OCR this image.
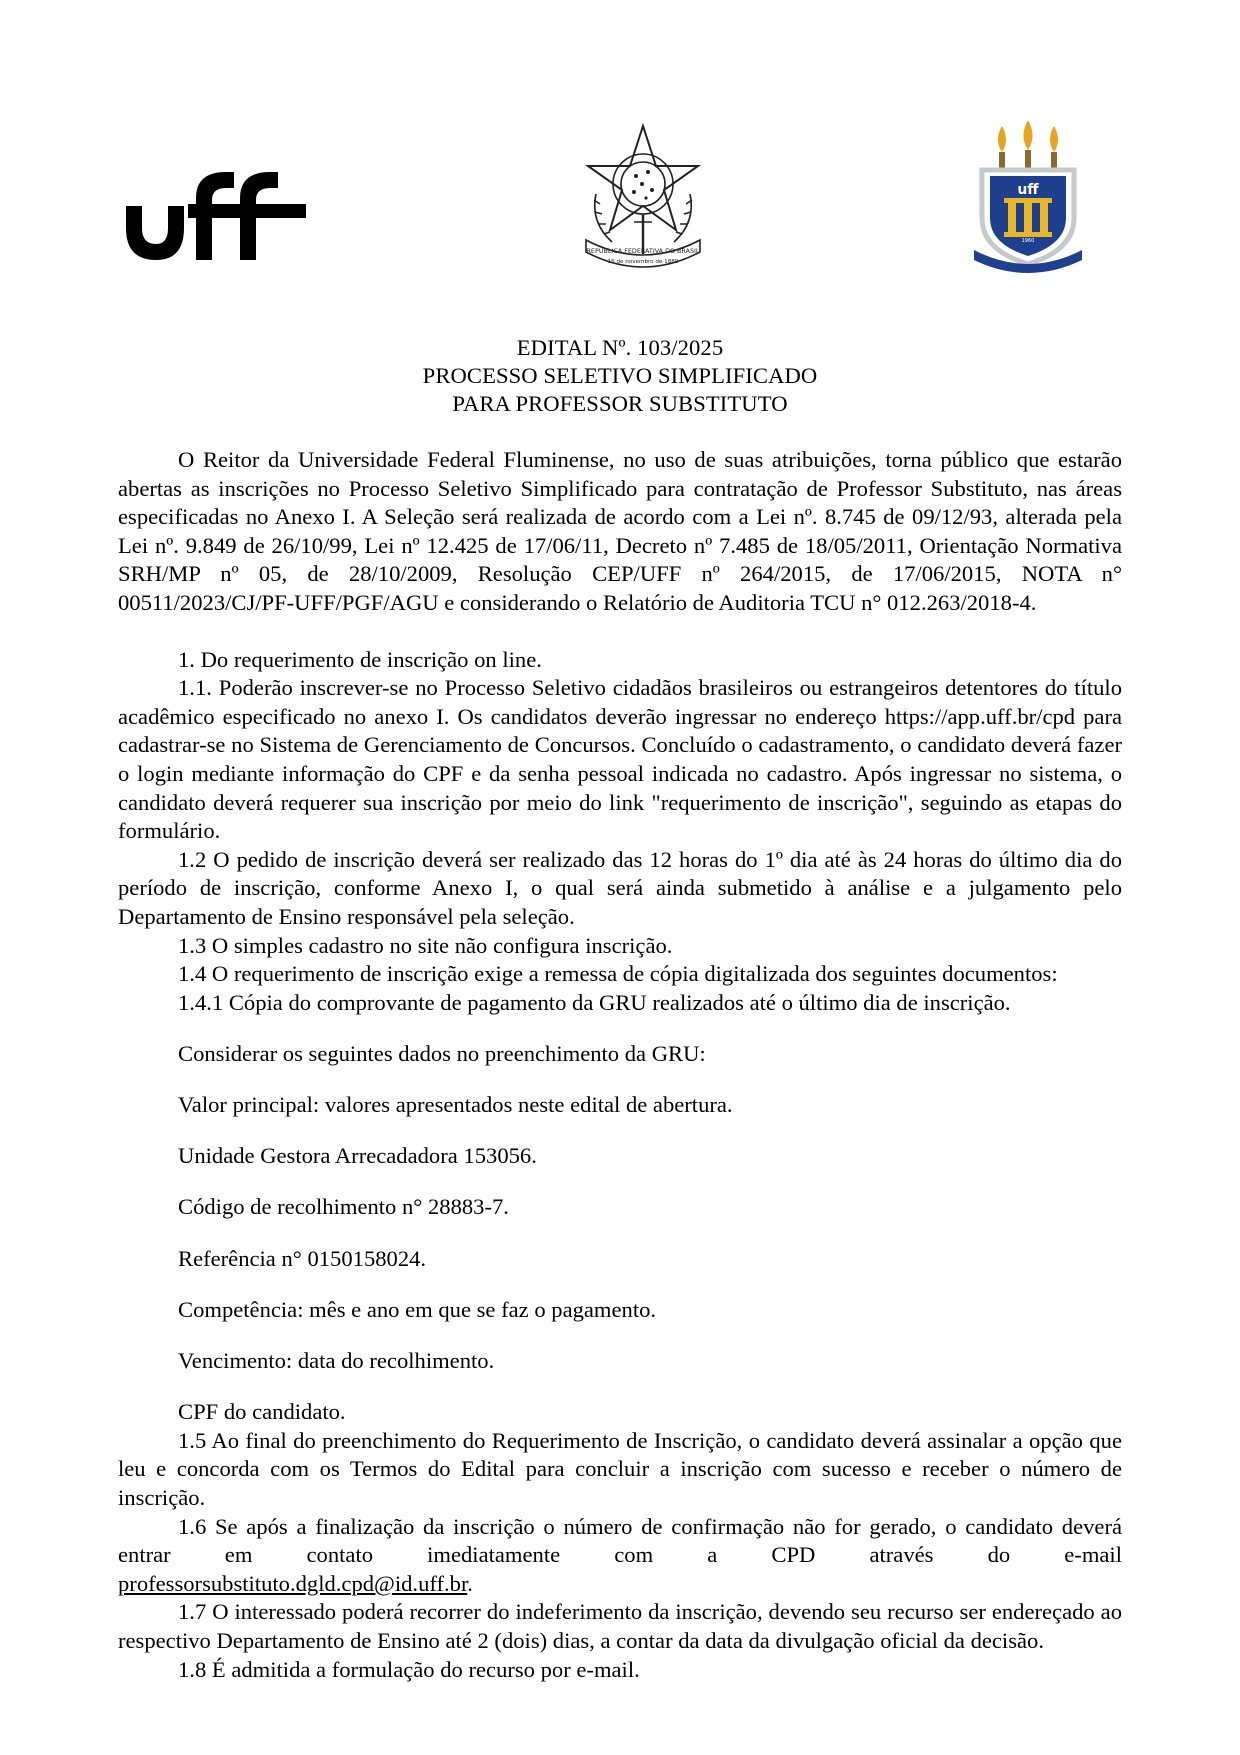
REPÚBLICA FEDERATIVA DO BRASIL
15 de novembro de 1889
uff
1960
EDITAL Nº. 103/2025
PROCESSO SELETIVO SIMPLIFICADO
PARA PROFESSOR SUBSTITUTO

O Reitor da Universidade Federal Fluminense, no uso de suas atribuições, torna público que estarão abertas as inscrições no Processo Seletivo Simplificado para contratação de Professor Substituto, nas áreas especificadas no Anexo I. A Seleção será realizada de acordo com a Lei nº. 8.745 de 09/12/93, alterada pela Lei nº. 9.849 de 26/10/99, Lei nº 12.425 de 17/06/11, Decreto nº 7.485 de 18/05/2011, Orientação Normativa SRH/MP nº 05, de 28/10/2009, Resolução CEP/UFF nº 264/2015, de 17/06/2015, NOTA n° 00511/2023/CJ/PF-UFF/PGF/AGU e considerando o Relatório de Auditoria TCU n° 012.263/2018-4.

1. Do requerimento de inscrição on line.

1.1. Poderão inscrever-se no Processo Seletivo cidadãos brasileiros ou estrangeiros detentores do título acadêmico especificado no anexo I. Os candidatos deverão ingressar no endereço https://app.uff.br/cpd para cadastrar-se no Sistema de Gerenciamento de Concursos. Concluído o cadastramento, o candidato deverá fazer o login mediante informação do CPF e da senha pessoal indicada no cadastro. Após ingressar no sistema, o candidato deverá requerer sua inscrição por meio do link "requerimento de inscrição", seguindo as etapas do formulário.

1.2 O pedido de inscrição deverá ser realizado das 12 horas do 1º dia até às 24 horas do último dia do período de inscrição, conforme Anexo I, o qual será ainda submetido à análise e a julgamento pelo Departamento de Ensino responsável pela seleção.

1.3 O simples cadastro no site não configura inscrição.

1.4 O requerimento de inscrição exige a remessa de cópia digitalizada dos seguintes documentos:

1.4.1 Cópia do comprovante de pagamento da GRU realizados até o último dia de inscrição.

Considerar os seguintes dados no preenchimento da GRU:

Valor principal: valores apresentados neste edital de abertura.

Unidade Gestora Arrecadadora 153056.

Código de recolhimento n° 28883-7.

Referência n° 0150158024.

Competência: mês e ano em que se faz o pagamento.

Vencimento: data do recolhimento.

CPF do candidato.

1.5 Ao final do preenchimento do Requerimento de Inscrição, o candidato deverá assinalar a opção que leu e concorda com os Termos do Edital para concluir a inscrição com sucesso e receber o número de inscrição.

1.6 Se após a finalização da inscrição o número de confirmação não for gerado, o candidato deverá entrar em contato imediatamente com a CPD através do e-mail

professorsubstituto.dgld.cpd@id.uff.br.

1.7 O interessado poderá recorrer do indeferimento da inscrição, devendo seu recurso ser endereçado ao respectivo Departamento de Ensino até 2 (dois) dias, a contar da data da divulgação oficial da decisão.

1.8 É admitida a formulação do recurso por e-mail.
